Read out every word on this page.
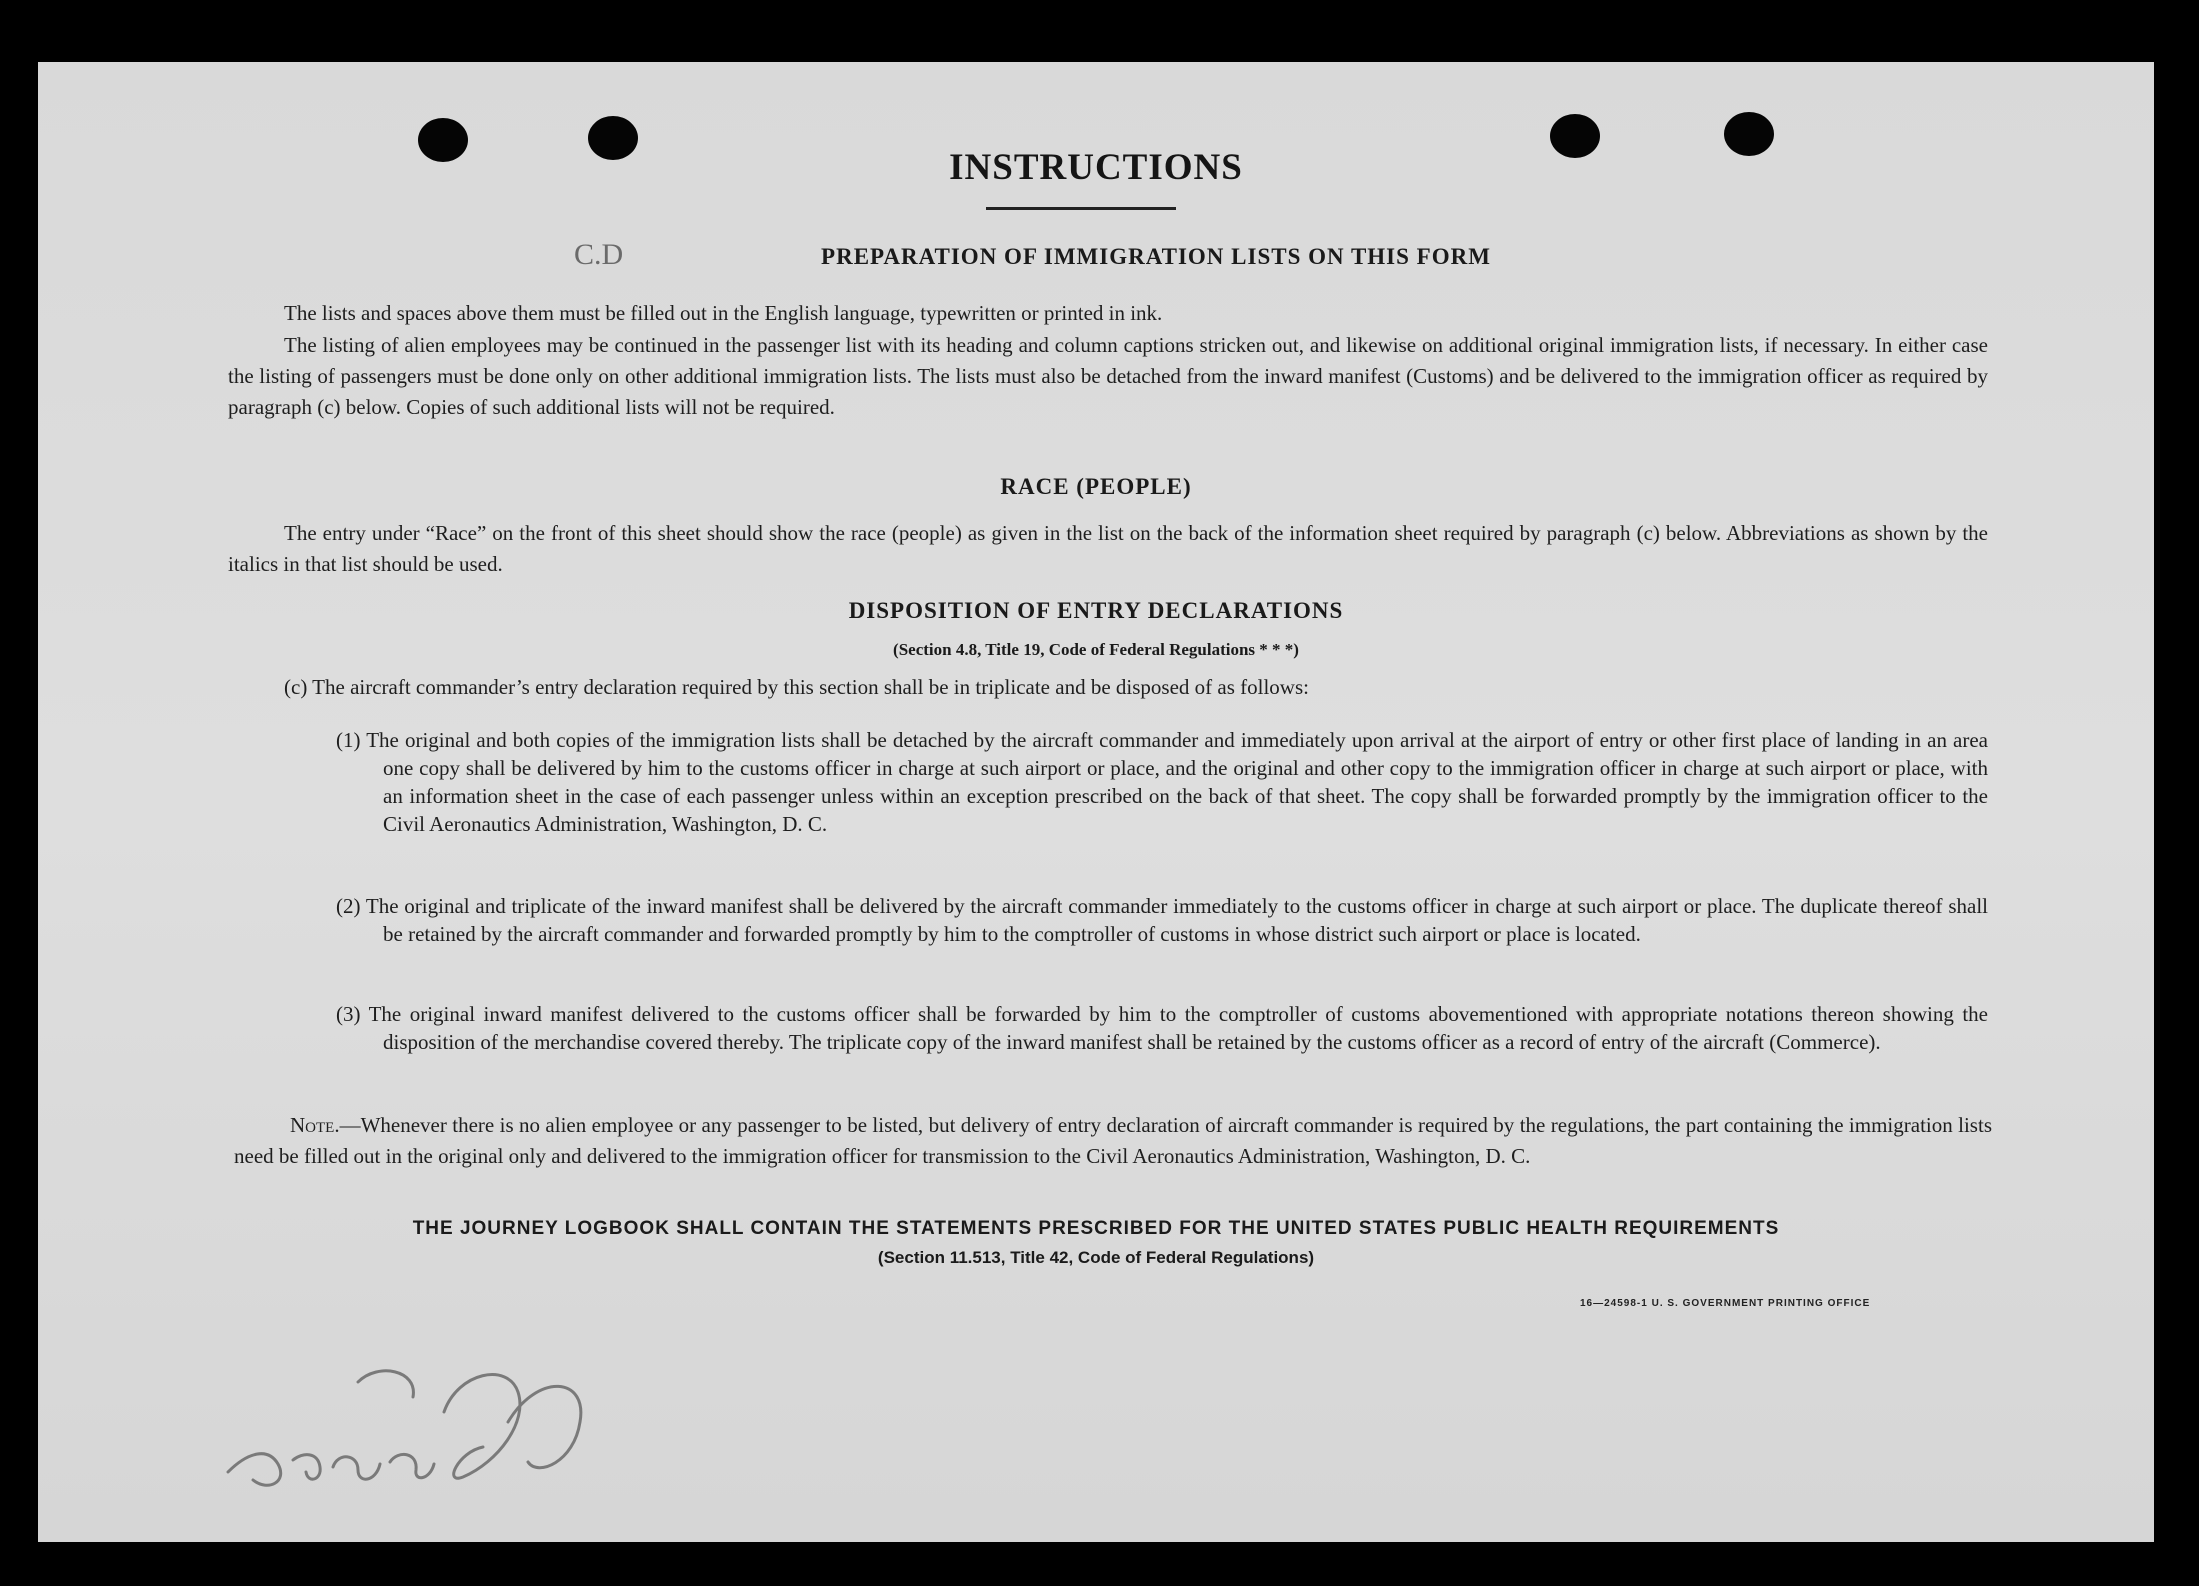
INSTRUCTIONS
C.D	PREPARATION OF IMMIGRATION LISTS ON THIS FORM
The lists and spaces above them must be filled out in the English language, typewritten or printed in ink.
The listing of alien employees may be continued in the passenger list with its heading and column captions stricken out, and likewise on additional original immigration lists, if necessary. In either case the listing of passengers must be done only on other additional immigration lists. The lists must also be detached from the inward manifest (Customs) and be delivered to the immigration officer as required by paragraph (c) below. Copies of such additional lists will not be required.
RACE (PEOPLE)
The entry under “Race” on the front of this sheet should show the race (people) as given in the list on the back of the information sheet required by paragraph (c) below. Abbreviations as shown by the italics in that list should be used.
DISPOSITION OF ENTRY DECLARATIONS
(Section 4.8, Title 19, Code of Federal Regulations * * *)
(c) The aircraft commander’s entry declaration required by this section shall be in triplicate and be disposed of as follows:
(1) The original and both copies of the immigration lists shall be detached by the aircraft commander and immediately upon arrival at the airport of entry or other first place of landing in an area one copy shall be delivered by him to the customs officer in charge at such airport or place, and the original and other copy to the immigration officer in charge at such airport or place, with an information sheet in the case of each passenger unless within an exception prescribed on the back of that sheet. The copy shall be forwarded promptly by the immigration officer to the Civil Aeronautics Administration, Washington, D. C.
(2) The original and triplicate of the inward manifest shall be delivered by the aircraft commander immediately to the customs officer in charge at such airport or place. The duplicate thereof shall be retained by the aircraft commander and forwarded promptly by him to the comptroller of customs in whose district such airport or place is located.
(3) The original inward manifest delivered to the customs officer shall be forwarded by him to the comptroller of customs abovementioned with appropriate notations thereon showing the disposition of the merchandise covered thereby. The triplicate copy of the inward manifest shall be retained by the customs officer as a record of entry of the aircraft (Commerce).
Note.—Whenever there is no alien employee or any passenger to be listed, but delivery of entry declaration of aircraft commander is required by the regulations, the part containing the immigration lists need be filled out in the original only and delivered to the immigration officer for transmission to the Civil Aeronautics Administration, Washington, D. C.
THE JOURNEY LOGBOOK SHALL CONTAIN THE STATEMENTS PRESCRIBED FOR THE UNITED STATES PUBLIC HEALTH REQUIREMENTS
(Section 11.513, Title 42, Code of Federal Regulations)
16—24598-1 U. S. GOVERNMENT PRINTING OFFICE
